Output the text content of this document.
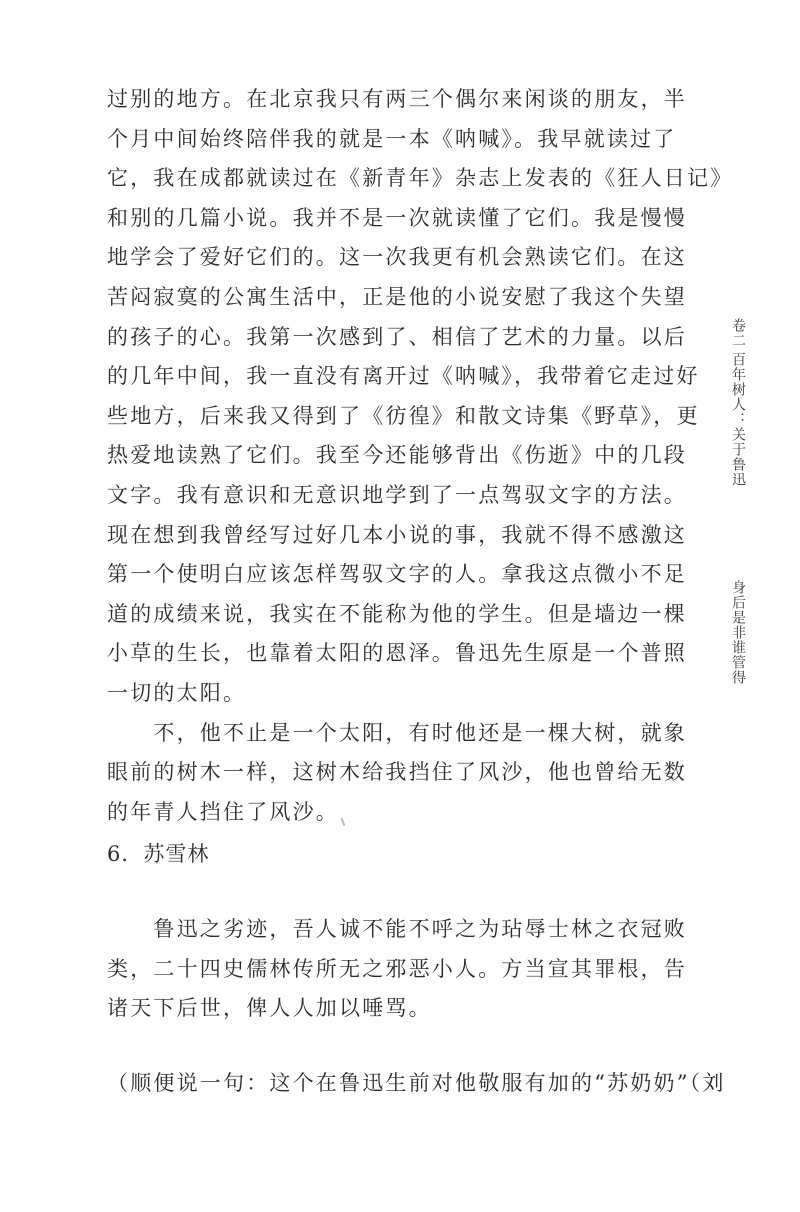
过别的地方。在北京我只有两三个偶尔来闲谈的朋友，半
个月中间始终陪伴我的就是一本《呐喊》。我早就读过了
它，我在成都就读过在《新青年》杂志上发表的《狂人日记》
和别的几篇小说。我并不是一次就读懂了它们。我是慢慢
地学会了爱好它们的。这一次我更有机会熟读它们。在这
苦闷寂寞的公寓生活中，正是他的小说安慰了我这个失望
的孩子的心。我第一次感到了、相信了艺术的力量。以后
的几年中间，我一直没有离开过《呐喊》，我带着它走过好
些地方，后来我又得到了《彷徨》和散文诗集《野草》，更
热爱地读熟了它们。我至今还能够背出《伤逝》中的几段
文字。我有意识和无意识地学到了一点驾驭文字的方法。
现在想到我曾经写过好几本小说的事，我就不得不感激这
第一个使明白应该怎样驾驭文字的人。拿我这点微小不足
道的成绩来说，我实在不能称为他的学生。但是墙边一棵
小草的生长，也靠着太阳的恩泽。鲁迅先生原是一个普照
一切的太阳。
　　不，他不止是一个太阳，有时他还是一棵大树，就象
眼前的树木一样，这树木给我挡住了风沙，他也曾给无数
的年青人挡住了风沙。
6．苏雪林
　　鲁迅之劣迹，吾人诚不能不呼之为玷辱士林之衣冠败
类，二十四史儒林传所无之邪恶小人。方当宣其罪根，告
诸天下后世，俾人人加以唾骂。
（顺便说一句：这个在鲁迅生前对他敬服有加的“苏奶奶”（刘
卷二
百年树人：关于鲁迅
身后是非谁管得
